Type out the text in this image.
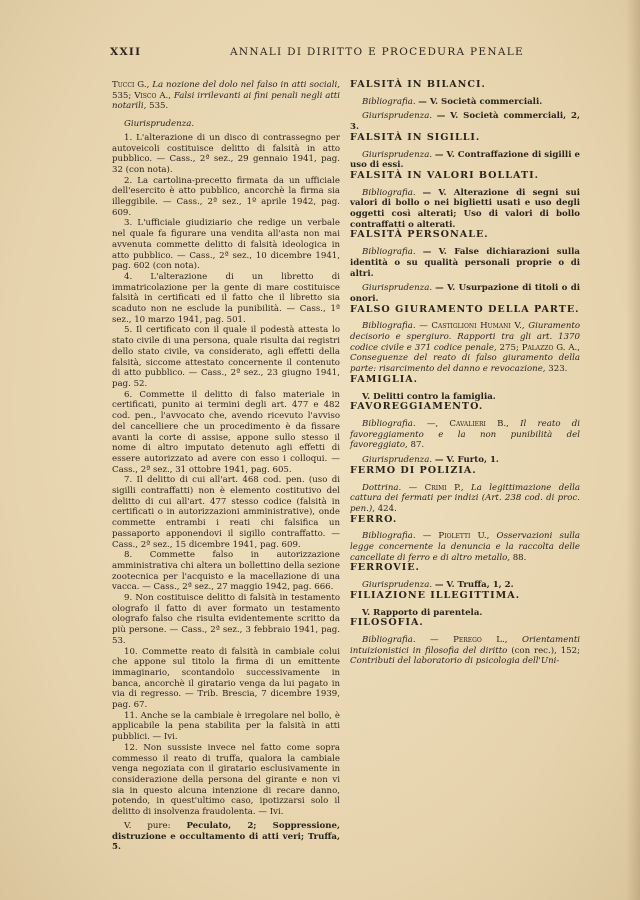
XXII	ANNALI DI DIRITTO E PROCEDURA PENALE

Tucci G., La nozione del dolo nel falso in atti sociali, 535; Visco A., Falsi irrilevanti ai fini penali negli atti notarili, 535.

Giurisprudenza.

1. L'alterazione di un disco di contrassegno per autoveicoli costituisce delitto di falsità in atto pubblico. — Cass., 2ª sez., 29 gennaio 1941, pag. 32 (con nota).

2. La cartolina-precetto firmata da un ufficiale dell'esercito è atto pubblico, ancorchè la firma sia illeggibile. — Cass., 2ª sez., 1º aprile 1942, pag. 609.

3. L'ufficiale giudiziario che redige un verbale nel quale fa figurare una vendita all'asta non mai avvenuta commette delitto di falsità ideologica in atto pubblico. — Cass., 2ª sez., 10 dicembre 1941, pag. 602 (con nota).

4. L'alterazione di un libretto di immatricolazione per la gente di mare costituisce falsità in certificati ed il fatto che il libretto sia scaduto non ne esclude la punibilità. — Cass., 1ª sez., 10 marzo 1941, pag. 501.

5. Il certificato con il quale il podestà attesta lo stato civile di una persona, quale risulta dai registri dello stato civile, va considerato, agli effetti della falsità, siccome attestato concernente il contenuto di atto pubblico. — Cass., 2ª sez., 23 giugno 1941, pag. 52.

6. Commette il delitto di falso materiale in certificati, punito ai termini degli art. 477 e 482 cod. pen., l'avvocato che, avendo ricevuto l'avviso del cancelliere che un procedimento è da fissare avanti la corte di assise, appone sullo stesso il nome di altro imputato detenuto agli effetti di essere autorizzato ad avere con esso i colloqui. — Cass., 2ª sez., 31 ottobre 1941, pag. 605.

7. Il delitto di cui all'art. 468 cod. pen. (uso di sigilli contraffatti) non è elemento costitutivo del delitto di cui all'art. 477 stesso codice (falsità in certificati o in autorizzazioni amministrative), onde commette entrambi i reati chi falsifica un passaporto apponendovi il sigillo contraffatto. — Cass., 2ª sez., 15 dicembre 1941, pag. 609.

8. Commette falso in autorizzazione amministrativa chi altera un bollettino della sezione zootecnica per l'acquisto e la macellazione di una vacca. — Cass., 2ª sez., 27 maggio 1942, pag. 666.

9. Non costituisce delitto di falsità in testamento olografo il fatto di aver formato un testamento olografo falso che risulta evidentemente scritto da più persone. — Cass., 2ª sez., 3 febbraio 1941, pag. 53.

10. Commette reato di falsità in cambiale colui che appone sul titolo la firma di un emittente immaginario, scontandolo successivamente in banca, ancorchè il giratario venga da lui pagato in via di regresso. — Trib. Brescia, 7 dicembre 1939, pag. 67.

11. Anche se la cambiale è irregolare nel bollo, è applicabile la pena stabilita per la falsità in atti pubblici. — Ivi.

12. Non sussiste invece nel fatto come sopra commesso il reato di truffa, qualora la cambiale venga negoziata con il giratario esclusivamente in considerazione della persona del girante e non vi sia in questo alcuna intenzione di recare danno, potendo, in quest'ultimo caso, ipotizzarsi solo il delitto di insolvenza fraudolenta. — Ivi.

V. pure: Peculato, 2; Soppressione, distruzione e occultamento di atti veri; Truffa, 5.

FALSITÀ IN BILANCI.

Bibliografia. — V. Società commerciali.

Giurisprudenza. — V. Società commerciali, 2, 3.

FALSITÀ IN SIGILLI.

Giurisprudenza. — V. Contraffazione di sigilli e uso di essi.

FALSITÀ IN VALORI BOLLATI.

Bibliografia. — V. Alterazione di segni sui valori di bollo o nei biglietti usati e uso degli oggetti così alterati; Uso di valori di bollo contraffatti o alterati.

FALSITÀ PERSONALE.

Bibliografia. — V. False dichiarazioni sulla identità o su qualità personali proprie o di altri.

Giurisprudenza. — V. Usurpazione di titoli o di onori.

FALSO GIURAMENTO DELLA PARTE.

Bibliografia. — Castiglioni Humani V., Giuramento decisorio e spergiuro. Rapporti tra gli art. 1370 codice civile e 371 codice penale, 275; Palazzo G. A., Conseguenze del reato di falso giuramento della parte: risarcimento del danno e revocazione, 323.

FAMIGLIA.

V. Delitti contro la famiglia.

FAVOREGGIAMENTO.

Bibliografia. —, Cavalieri B., Il reato di favoreggiamento e la non punibilità del favoreggiato, 87.

Giurisprudenza. — V. Furto, 1.

FERMO DI POLIZIA.

Dottrina. — Crimi P., La legittimazione della cattura dei fermati per indizi (Art. 238 cod. di proc. pen.), 424.

FERRO.

Bibliografia. — Pioletti U., Osservazioni sulla legge concernente la denuncia e la raccolta delle cancellate di ferro e di altro metallo, 88.

FERROVIE.

Giurisprudenza. — V. Truffa, 1, 2.

FILIAZIONE ILLEGITTIMA.

V. Rapporto di parentela.

FILOSOFIA.

Bibliografia. — Perego L., Orientamenti intuizionistici in filosofia del diritto (con rec.), 152; Contributi del laboratorio di psicologia dell'Uni-
